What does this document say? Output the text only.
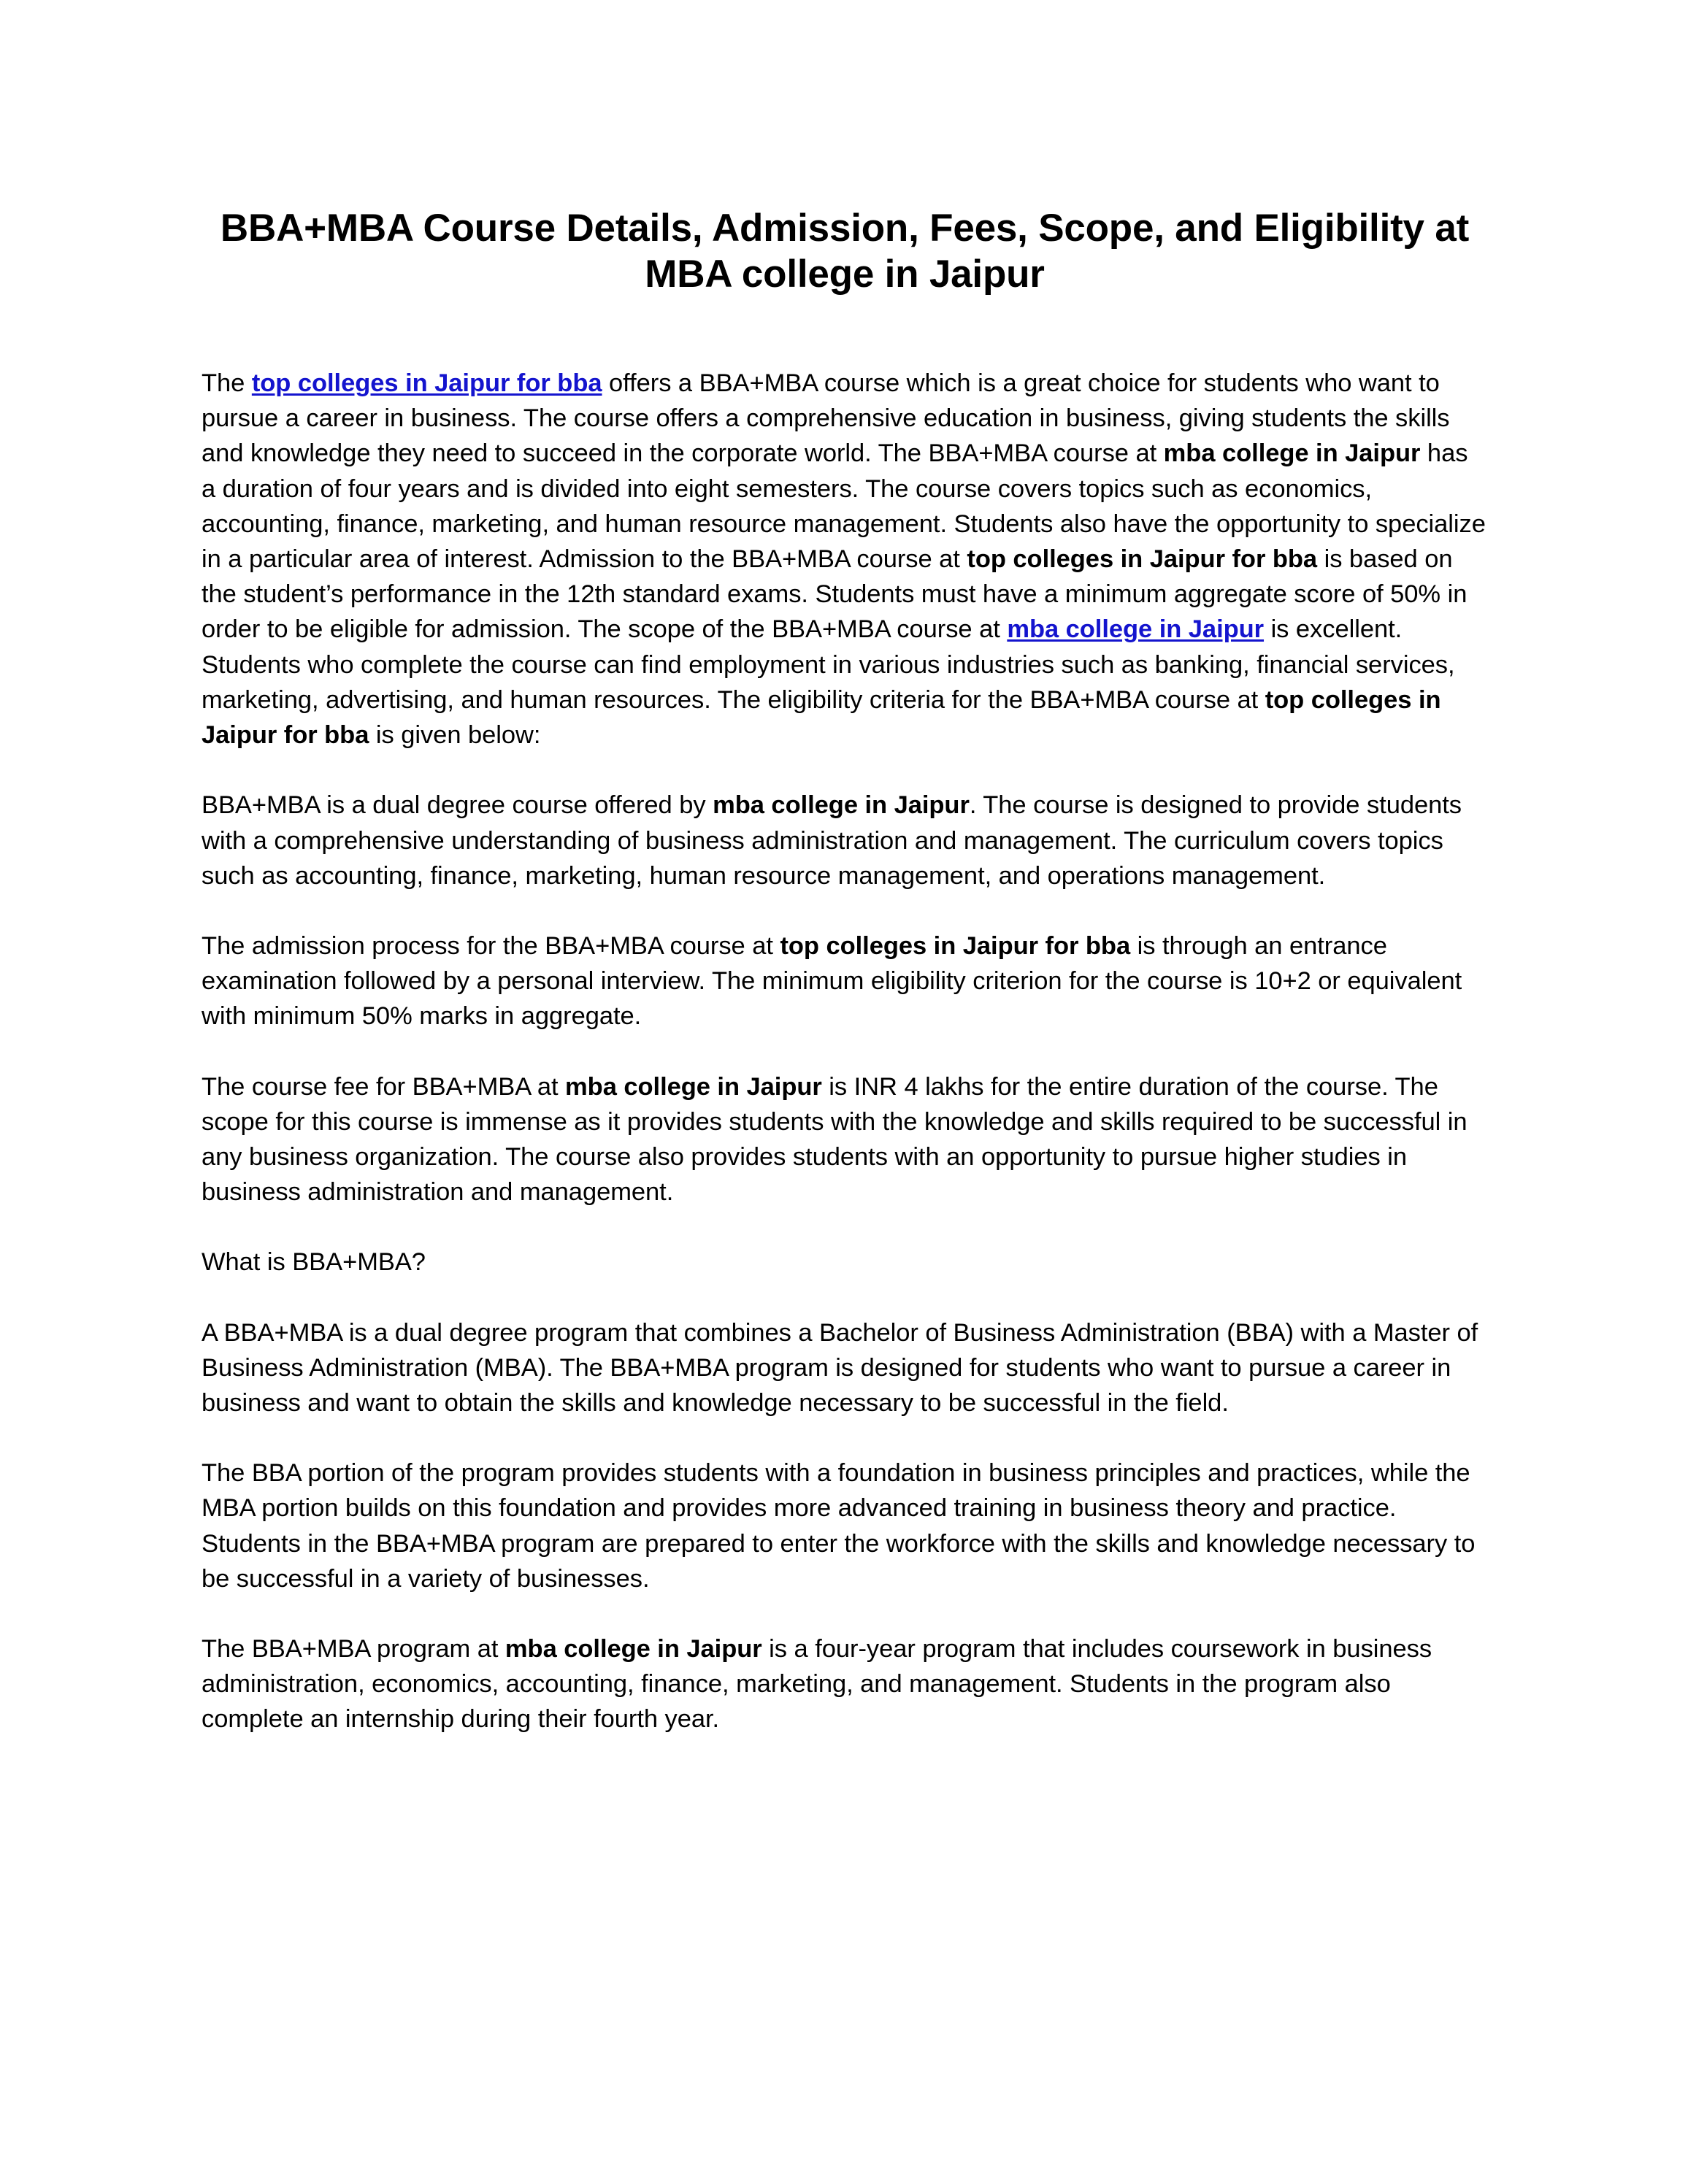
BBA+MBA Course Details, Admission, Fees, Scope, and Eligibility at MBA college in Jaipur

The top colleges in Jaipur for bba offers a BBA+MBA course which is a great choice for students who want to pursue a career in business. The course offers a comprehensive education in business, giving students the skills and knowledge they need to succeed in the corporate world. The BBA+MBA course at mba college in Jaipur has a duration of four years and is divided into eight semesters. The course covers topics such as economics, accounting, finance, marketing, and human resource management. Students also have the opportunity to specialize in a particular area of interest. Admission to the BBA+MBA course at top colleges in Jaipur for bba is based on the student’s performance in the 12th standard exams. Students must have a minimum aggregate score of 50% in order to be eligible for admission. The scope of the BBA+MBA course at mba college in Jaipur is excellent. Students who complete the course can find employment in various industries such as banking, financial services, marketing, advertising, and human resources. The eligibility criteria for the BBA+MBA course at top colleges in Jaipur for bba is given below:

BBA+MBA is a dual degree course offered by mba college in Jaipur. The course is designed to provide students with a comprehensive understanding of business administration and management. The curriculum covers topics such as accounting, finance, marketing, human resource management, and operations management.

The admission process for the BBA+MBA course at top colleges in Jaipur for bba is through an entrance examination followed by a personal interview. The minimum eligibility criterion for the course is 10+2 or equivalent with minimum 50% marks in aggregate.

The course fee for BBA+MBA at mba college in Jaipur is INR 4 lakhs for the entire duration of the course. The scope for this course is immense as it provides students with the knowledge and skills required to be successful in any business organization. The course also provides students with an opportunity to pursue higher studies in business administration and management.

What is BBA+MBA?

A BBA+MBA is a dual degree program that combines a Bachelor of Business Administration (BBA) with a Master of Business Administration (MBA). The BBA+MBA program is designed for students who want to pursue a career in business and want to obtain the skills and knowledge necessary to be successful in the field.

The BBA portion of the program provides students with a foundation in business principles and practices, while the MBA portion builds on this foundation and provides more advanced training in business theory and practice. Students in the BBA+MBA program are prepared to enter the workforce with the skills and knowledge necessary to be successful in a variety of businesses.

The BBA+MBA program at mba college in Jaipur is a four-year program that includes coursework in business administration, economics, accounting, finance, marketing, and management. Students in the program also complete an internship during their fourth year.
